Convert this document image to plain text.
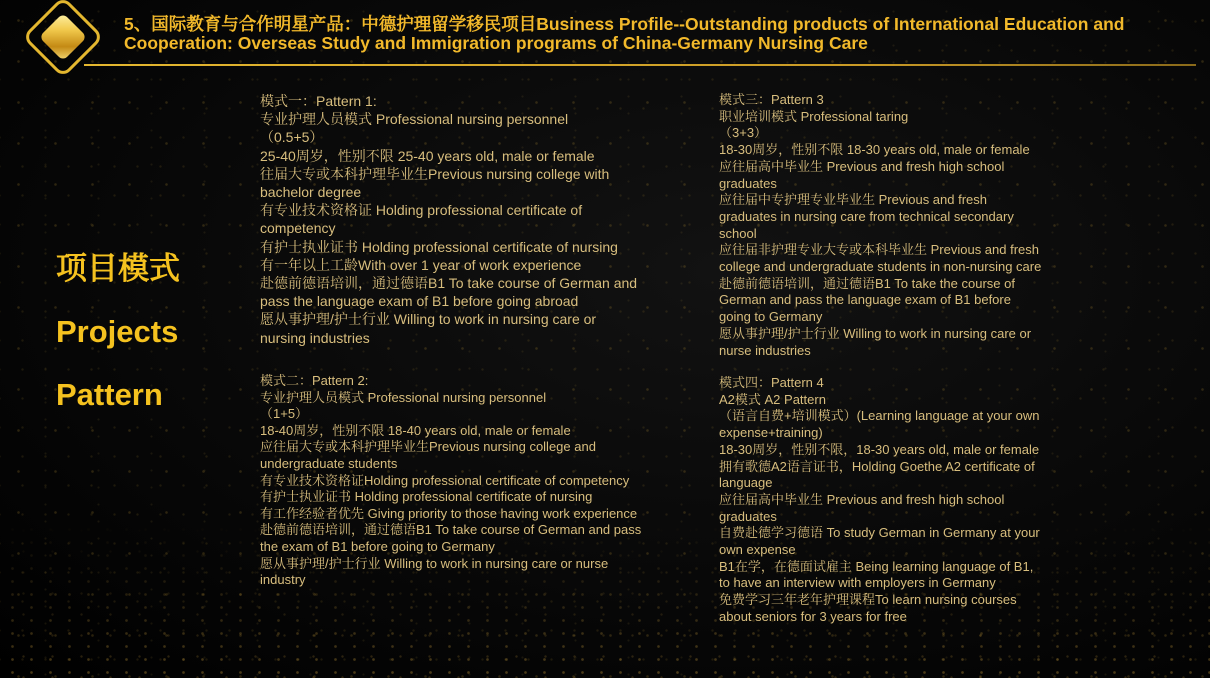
5、国际教育与合作明星产品：中德护理留学移民项目Business Profile--Outstanding products of International Education and
Cooperation: Overseas Study and Immigration programs of China-Germany Nursing Care
项目模式
Projects
Pattern
模式一：Pattern 1:
专业护理人员模式 Professional nursing personnel
（0.5+5）
25-40周岁，性别不限 25-40 years old, male or female
往届大专或本科护理毕业生Previous nursing college with
bachelor degree
有专业技术资格证 Holding professional certificate of
competency
有护士执业证书 Holding professional certificate of nursing
有一年以上工龄With over 1 year of work experience
赴德前德语培训，通过德语B1 To take course of German and
pass the language exam of B1 before going abroad
愿从事护理/护士行业 Willing to work in nursing care or
nursing industries
模式二：Pattern 2:
专业护理人员模式 Professional nursing personnel
（1+5）
18-40周岁，性别不限 18-40 years old, male or female
应往届大专或本科护理毕业生Previous nursing college and
undergraduate students
有专业技术资格证Holding professional certificate of competency
有护士执业证书 Holding professional certificate of nursing
有工作经验者优先 Giving priority to those having work experience
赴德前德语培训，通过德语B1 To take course of German and pass
the exam of B1 before going to Germany
愿从事护理/护士行业 Willing to work in nursing care or nurse
industry
模式三：Pattern 3
职业培训模式 Professional taring
（3+3）
18-30周岁，性别不限 18-30 years old, male or female
应往届高中毕业生 Previous and fresh high school
graduates
应往届中专护理专业毕业生 Previous and fresh
graduates in nursing care from technical secondary
school
应往届非护理专业大专或本科毕业生 Previous and fresh
college and undergraduate students in non-nursing care
赴德前德语培训，通过德语B1 To take the course of
German and pass the language exam of B1 before
going to Germany
愿从事护理/护士行业 Willing to work in nursing care or
nurse industries
模式四：Pattern 4
A2模式 A2 Pattern
（语言自费+培训模式）(Learning language at your own
expense+training)
18-30周岁，性别不限，18-30 years old, male or female
拥有歌德A2语言证书，Holding Goethe A2 certificate of
language
应往届高中毕业生 Previous and fresh high school
graduates
自费赴德学习德语 To study German in Germany at your
own expense
B1在学，在德面试雇主 Being learning language of B1,
to have an interview with employers in Germany
免费学习三年老年护理课程To learn nursing courses
about seniors for 3 years for free
